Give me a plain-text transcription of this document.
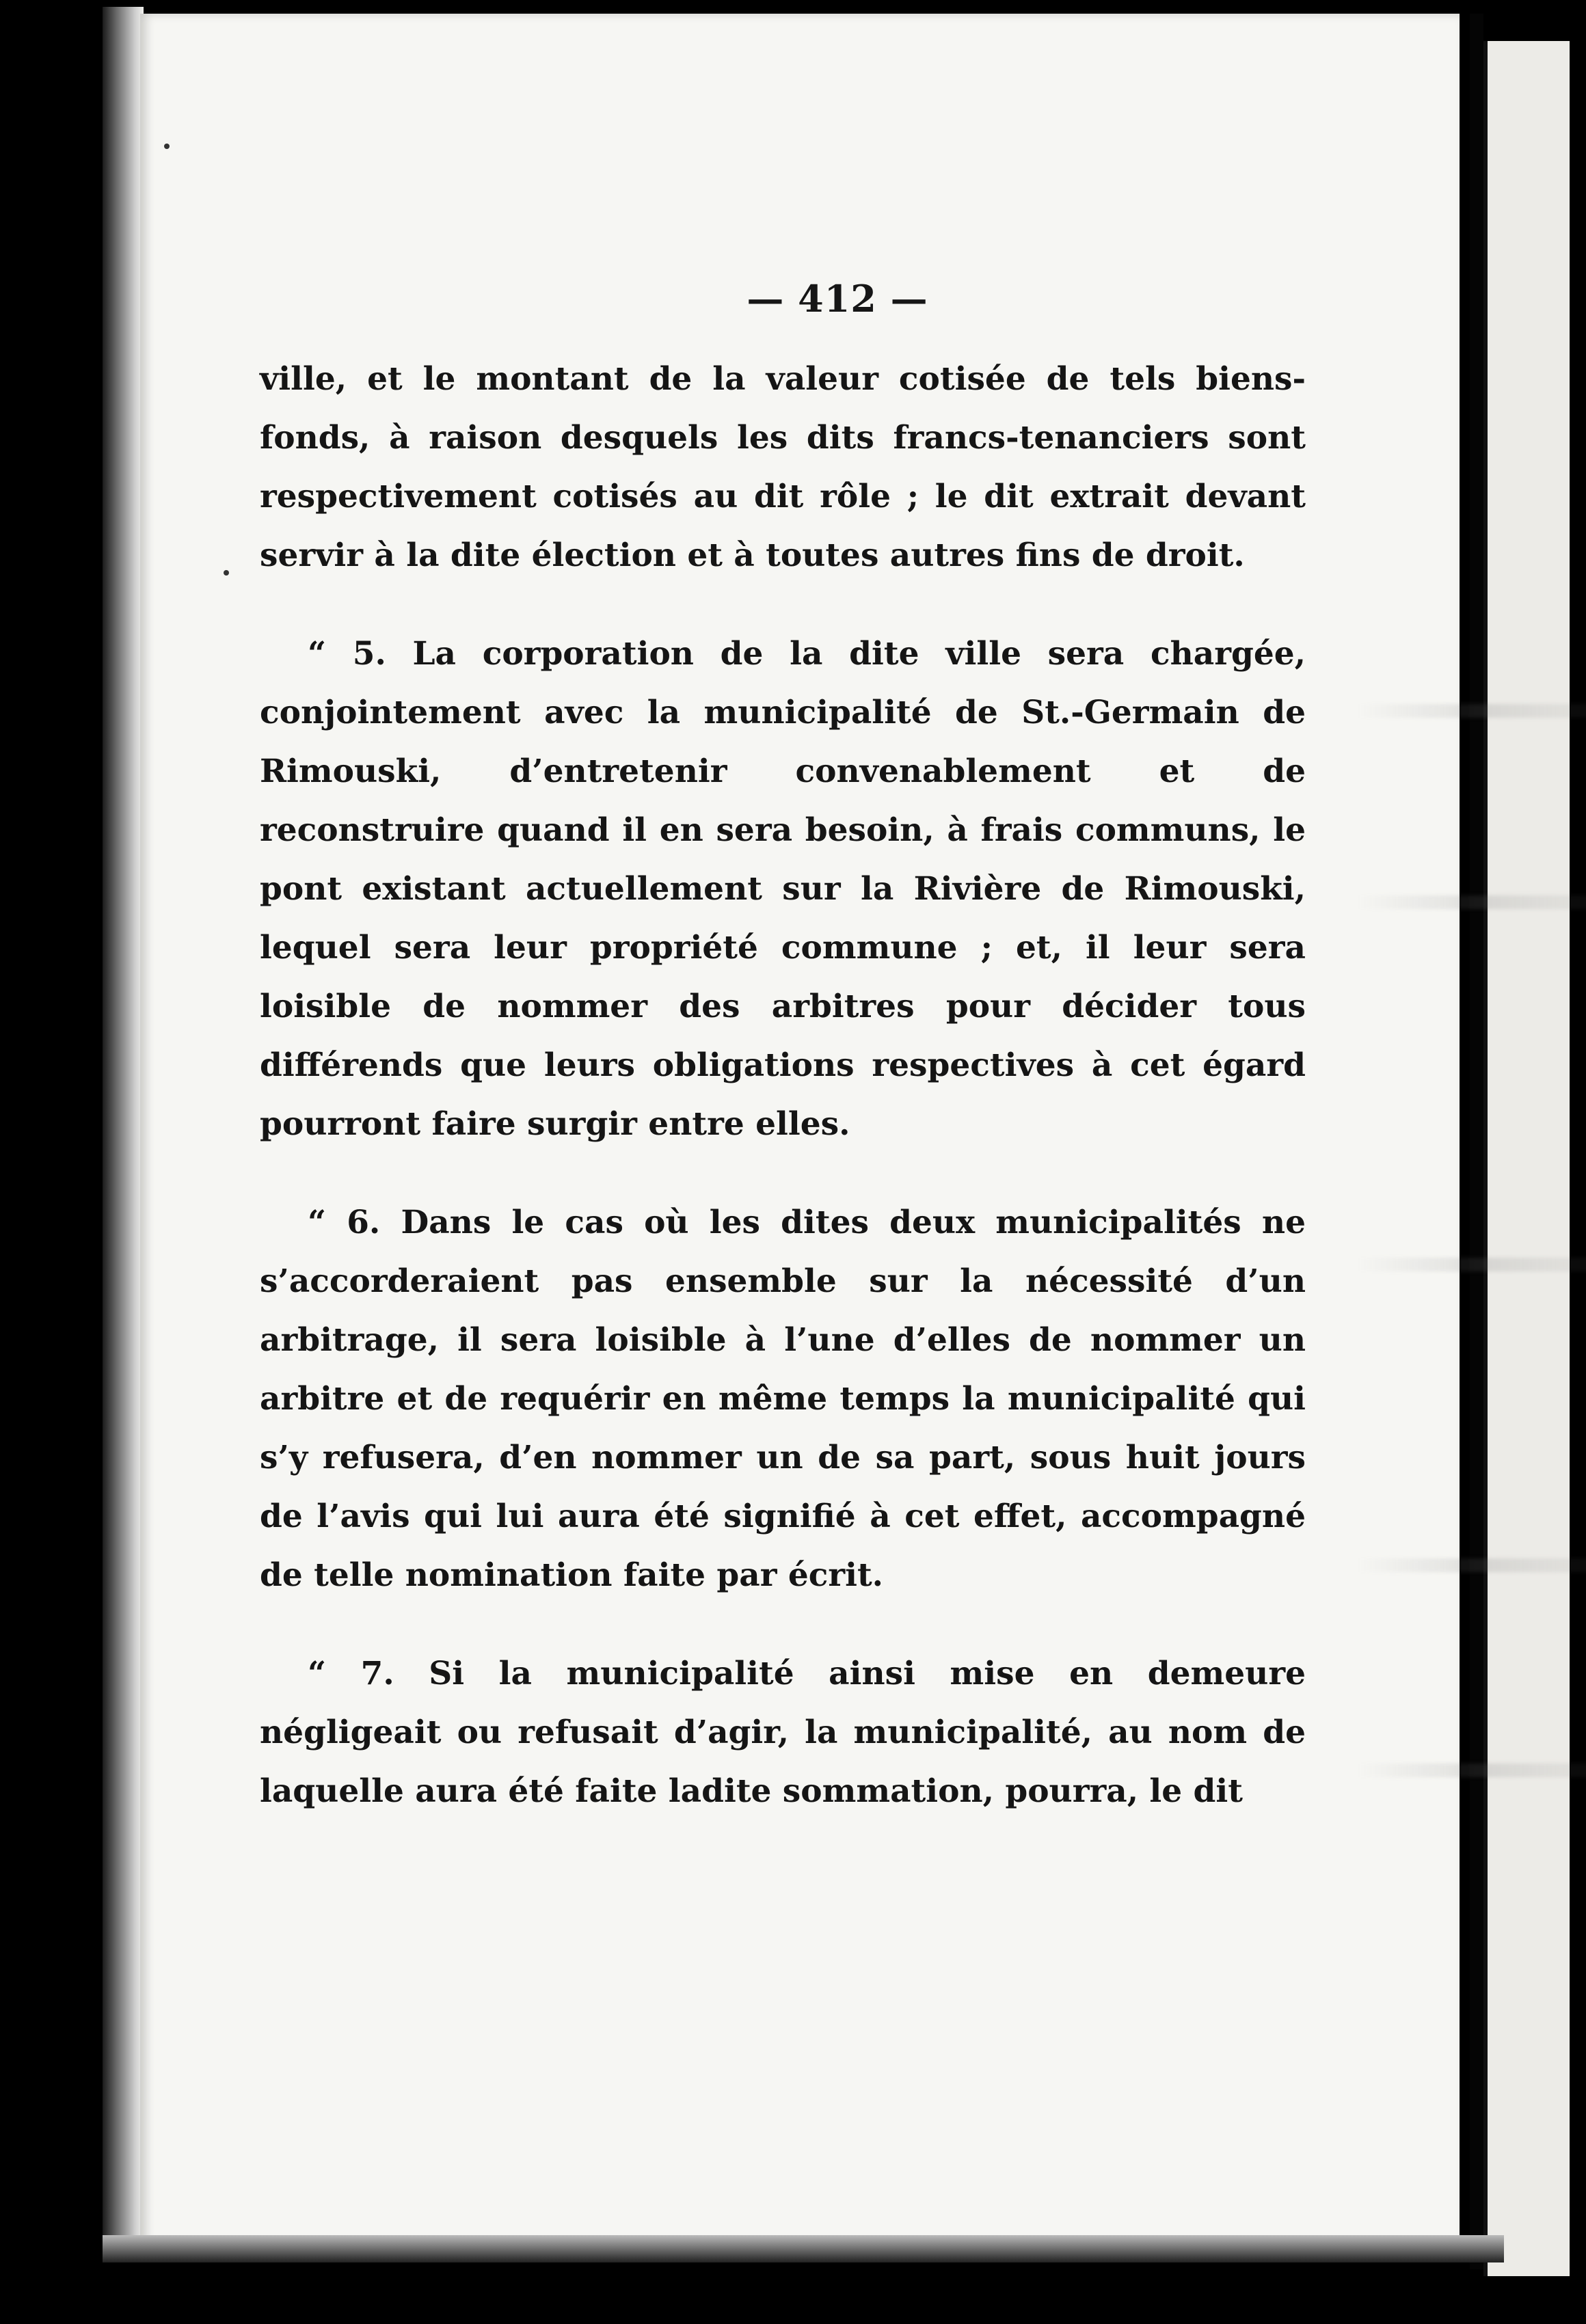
— 412 —

ville, et le montant de la valeur cotisée de tels biens-fonds, à raison desquels les dits francs-tenanciers sont respectivement cotisés au dit rôle ; le dit extrait devant servir à la dite élection et à toutes autres fins de droit.

“ 5. La corporation de la dite ville sera chargée, conjointement avec la municipalité de St.-Germain de Rimouski, d’entretenir convenablement et de reconstruire quand il en sera besoin, à frais communs, le pont existant actuellement sur la Rivière de Rimouski, lequel sera leur propriété commune ; et, il leur sera loisible de nommer des arbitres pour décider tous différends que leurs obligations respectives à cet égard pourront faire surgir entre elles.

“ 6. Dans le cas où les dites deux municipalités ne s’accorderaient pas ensemble sur la nécessité d’un arbitrage, il sera loisible à l’une d’elles de nommer un arbitre et de requérir en même temps la municipalité qui s’y refusera, d’en nommer un de sa part, sous huit jours de l’avis qui lui aura été signifié à cet effet, accompagné de telle nomination faite par écrit.

“ 7. Si la municipalité ainsi mise en demeure négligeait ou refusait d’agir, la municipalité, au nom de laquelle aura été faite ladite sommation, pourra, le dit
